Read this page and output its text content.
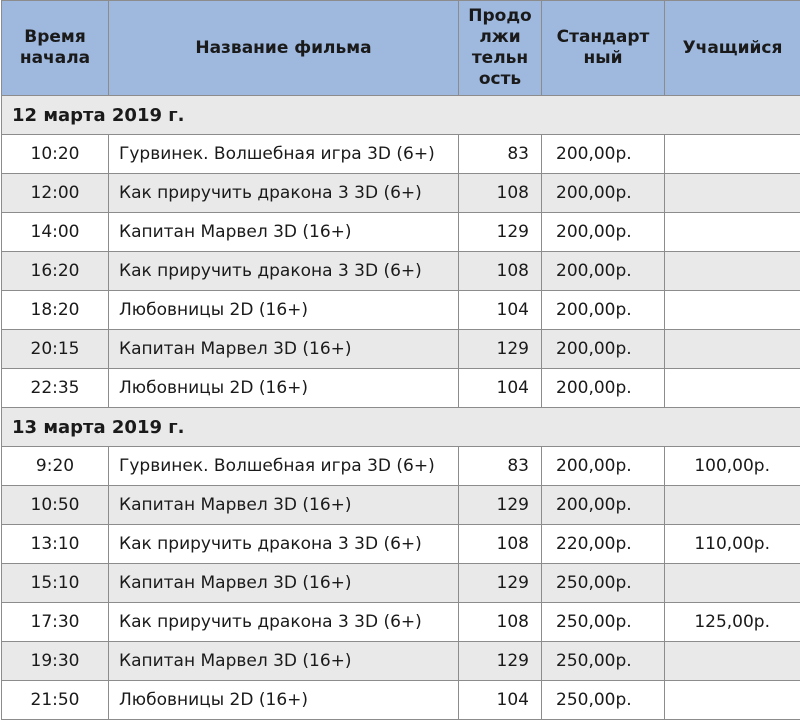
Время начала	Название фильма	Продо лжи тельн ость	Стандарт ный	Учащийся
12 марта 2019 г.				
10:20	Гурвинек. Волшебная игра 3D (6+)	83	200,00р.	
12:00	Как приручить дракона 3 3D (6+)	108	200,00р.	
14:00	Капитан Марвел 3D (16+)	129	200,00р.	
16:20	Как приручить дракона 3 3D (6+)	108	200,00р.	
18:20	Любовницы 2D (16+)	104	200,00р.	
20:15	Капитан Марвел 3D (16+)	129	200,00р.	
22:35	Любовницы 2D (16+)	104	200,00р.	
13 марта 2019 г.				
9:20	Гурвинек. Волшебная игра 3D (6+)	83	200,00р.	100,00р.
10:50	Капитан Марвел 3D (16+)	129	200,00р.	
13:10	Как приручить дракона 3 3D (6+)	108	220,00р.	110,00р.
15:10	Капитан Марвел 3D (16+)	129	250,00р.	
17:30	Как приручить дракона 3 3D (6+)	108	250,00р.	125,00р.
19:30	Капитан Марвел 3D (16+)	129	250,00р.	
21:50	Любовницы 2D (16+)	104	250,00р.	
